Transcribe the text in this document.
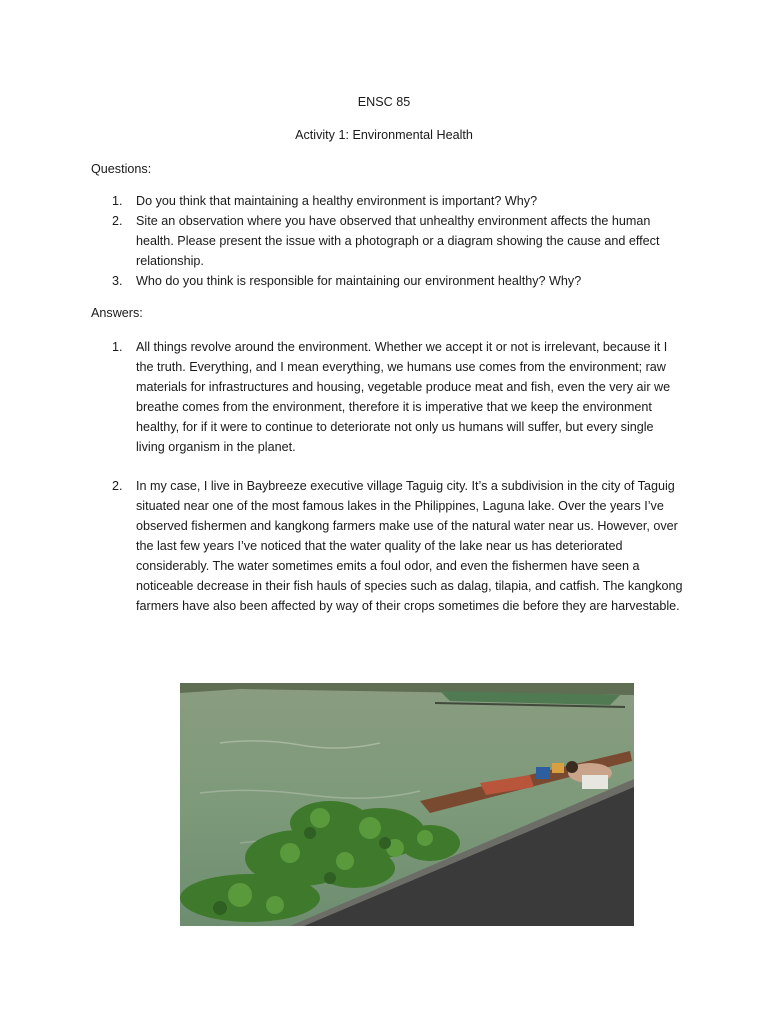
ENSC 85
Activity 1: Environmental Health
Questions:
1. Do you think that maintaining a healthy environment is important? Why?
2. Site an observation where you have observed that unhealthy environment affects the human health. Please present the issue with a photograph or a diagram showing the cause and effect relationship.
3. Who do you think is responsible for maintaining our environment healthy? Why?
Answers:
1. All things revolve around the environment. Whether we accept it or not is irrelevant, because it I the truth. Everything, and I mean everything, we humans use comes from the environment; raw materials for infrastructures and housing, vegetable produce meat and fish, even the very air we breathe comes from the environment, therefore it is imperative that we keep the environment healthy, for if it were to continue to deteriorate not only us humans will suffer, but every single living organism in the planet.
2. In my case, I live in Baybreeze executive village Taguig city. It’s a subdivision in the city of Taguig situated near one of the most famous lakes in the Philippines, Laguna lake. Over the years I’ve observed fishermen and kangkong farmers make use of the natural water near us. However, over the last few years I’ve noticed that the water quality of the lake near us has deteriorated considerably. The water sometimes emits a foul odor, and even the fishermen have seen a noticeable decrease in their fish hauls of species such as dalag, tilapia, and catfish. The kangkong farmers have also been affected by way of their crops sometimes die before they are harvestable.
